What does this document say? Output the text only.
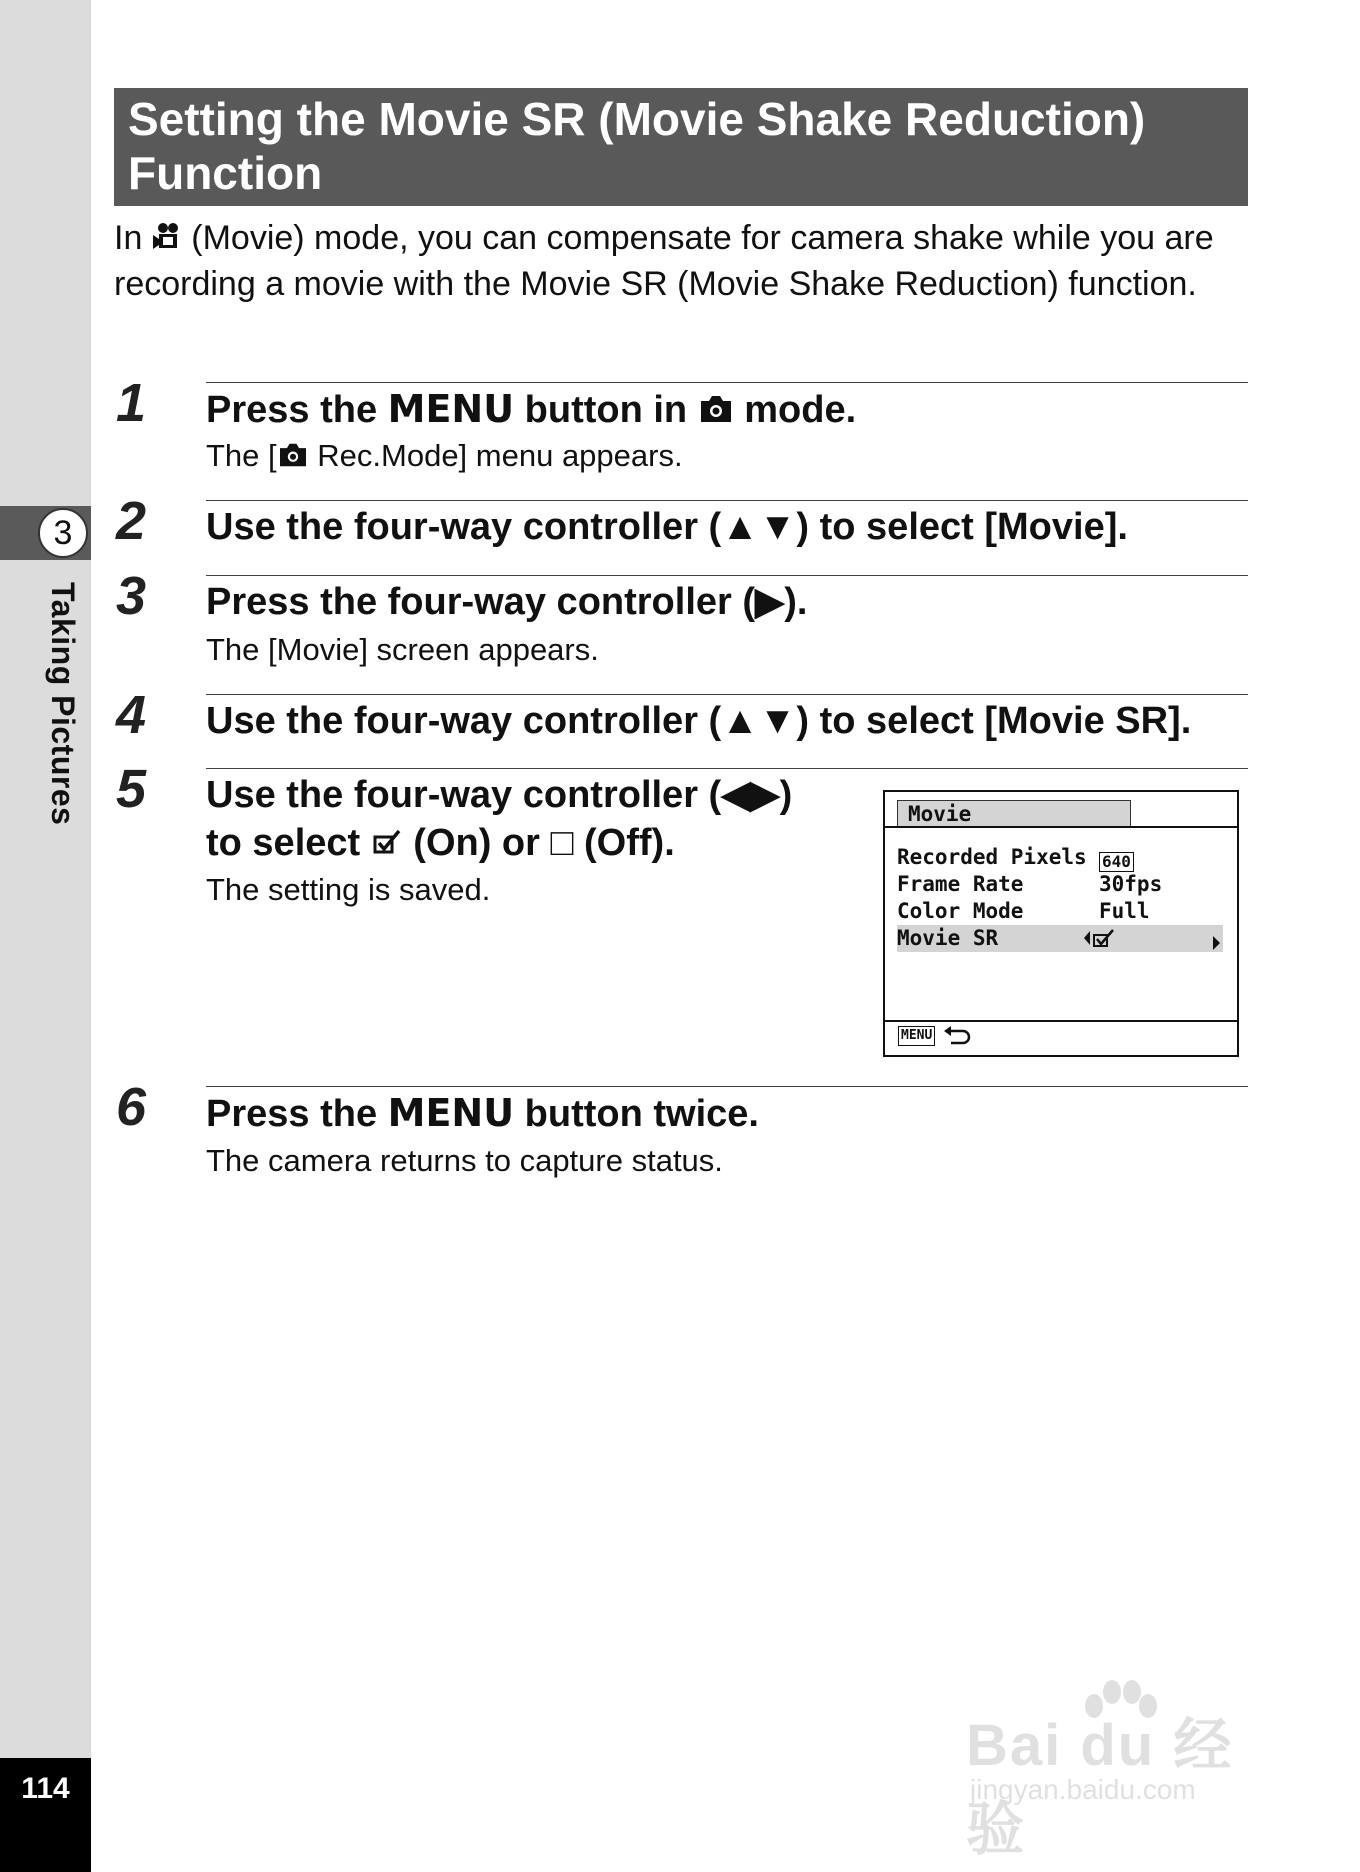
3
Taking Pictures
114

Setting the Movie SR (Movie Shake Reduction)
Function

In (Movie) mode, you can compensate for camera shake while you are recording a movie with the Movie SR (Movie Shake Reduction) function.

1 Press the MENU button in mode.

The [ Rec.Mode] menu appears.

2 Use the four-way controller (▲▼) to select [Movie].

3 Press the four-way controller (▶).

The [Movie] screen appears.

4 Use the four-way controller (▲▼) to select [Movie SR].

5 Use the four-way controller (◀▶)
to select (On) or □ (Off).

The setting is saved.

Movie
Recorded Pixels 640
Frame Rate	30fps
Color Mode	Full
Movie SR
MENU
6 Press the MENU button twice.

The camera returns to capture status.

Bai du 经验
jingyan.baidu.com
